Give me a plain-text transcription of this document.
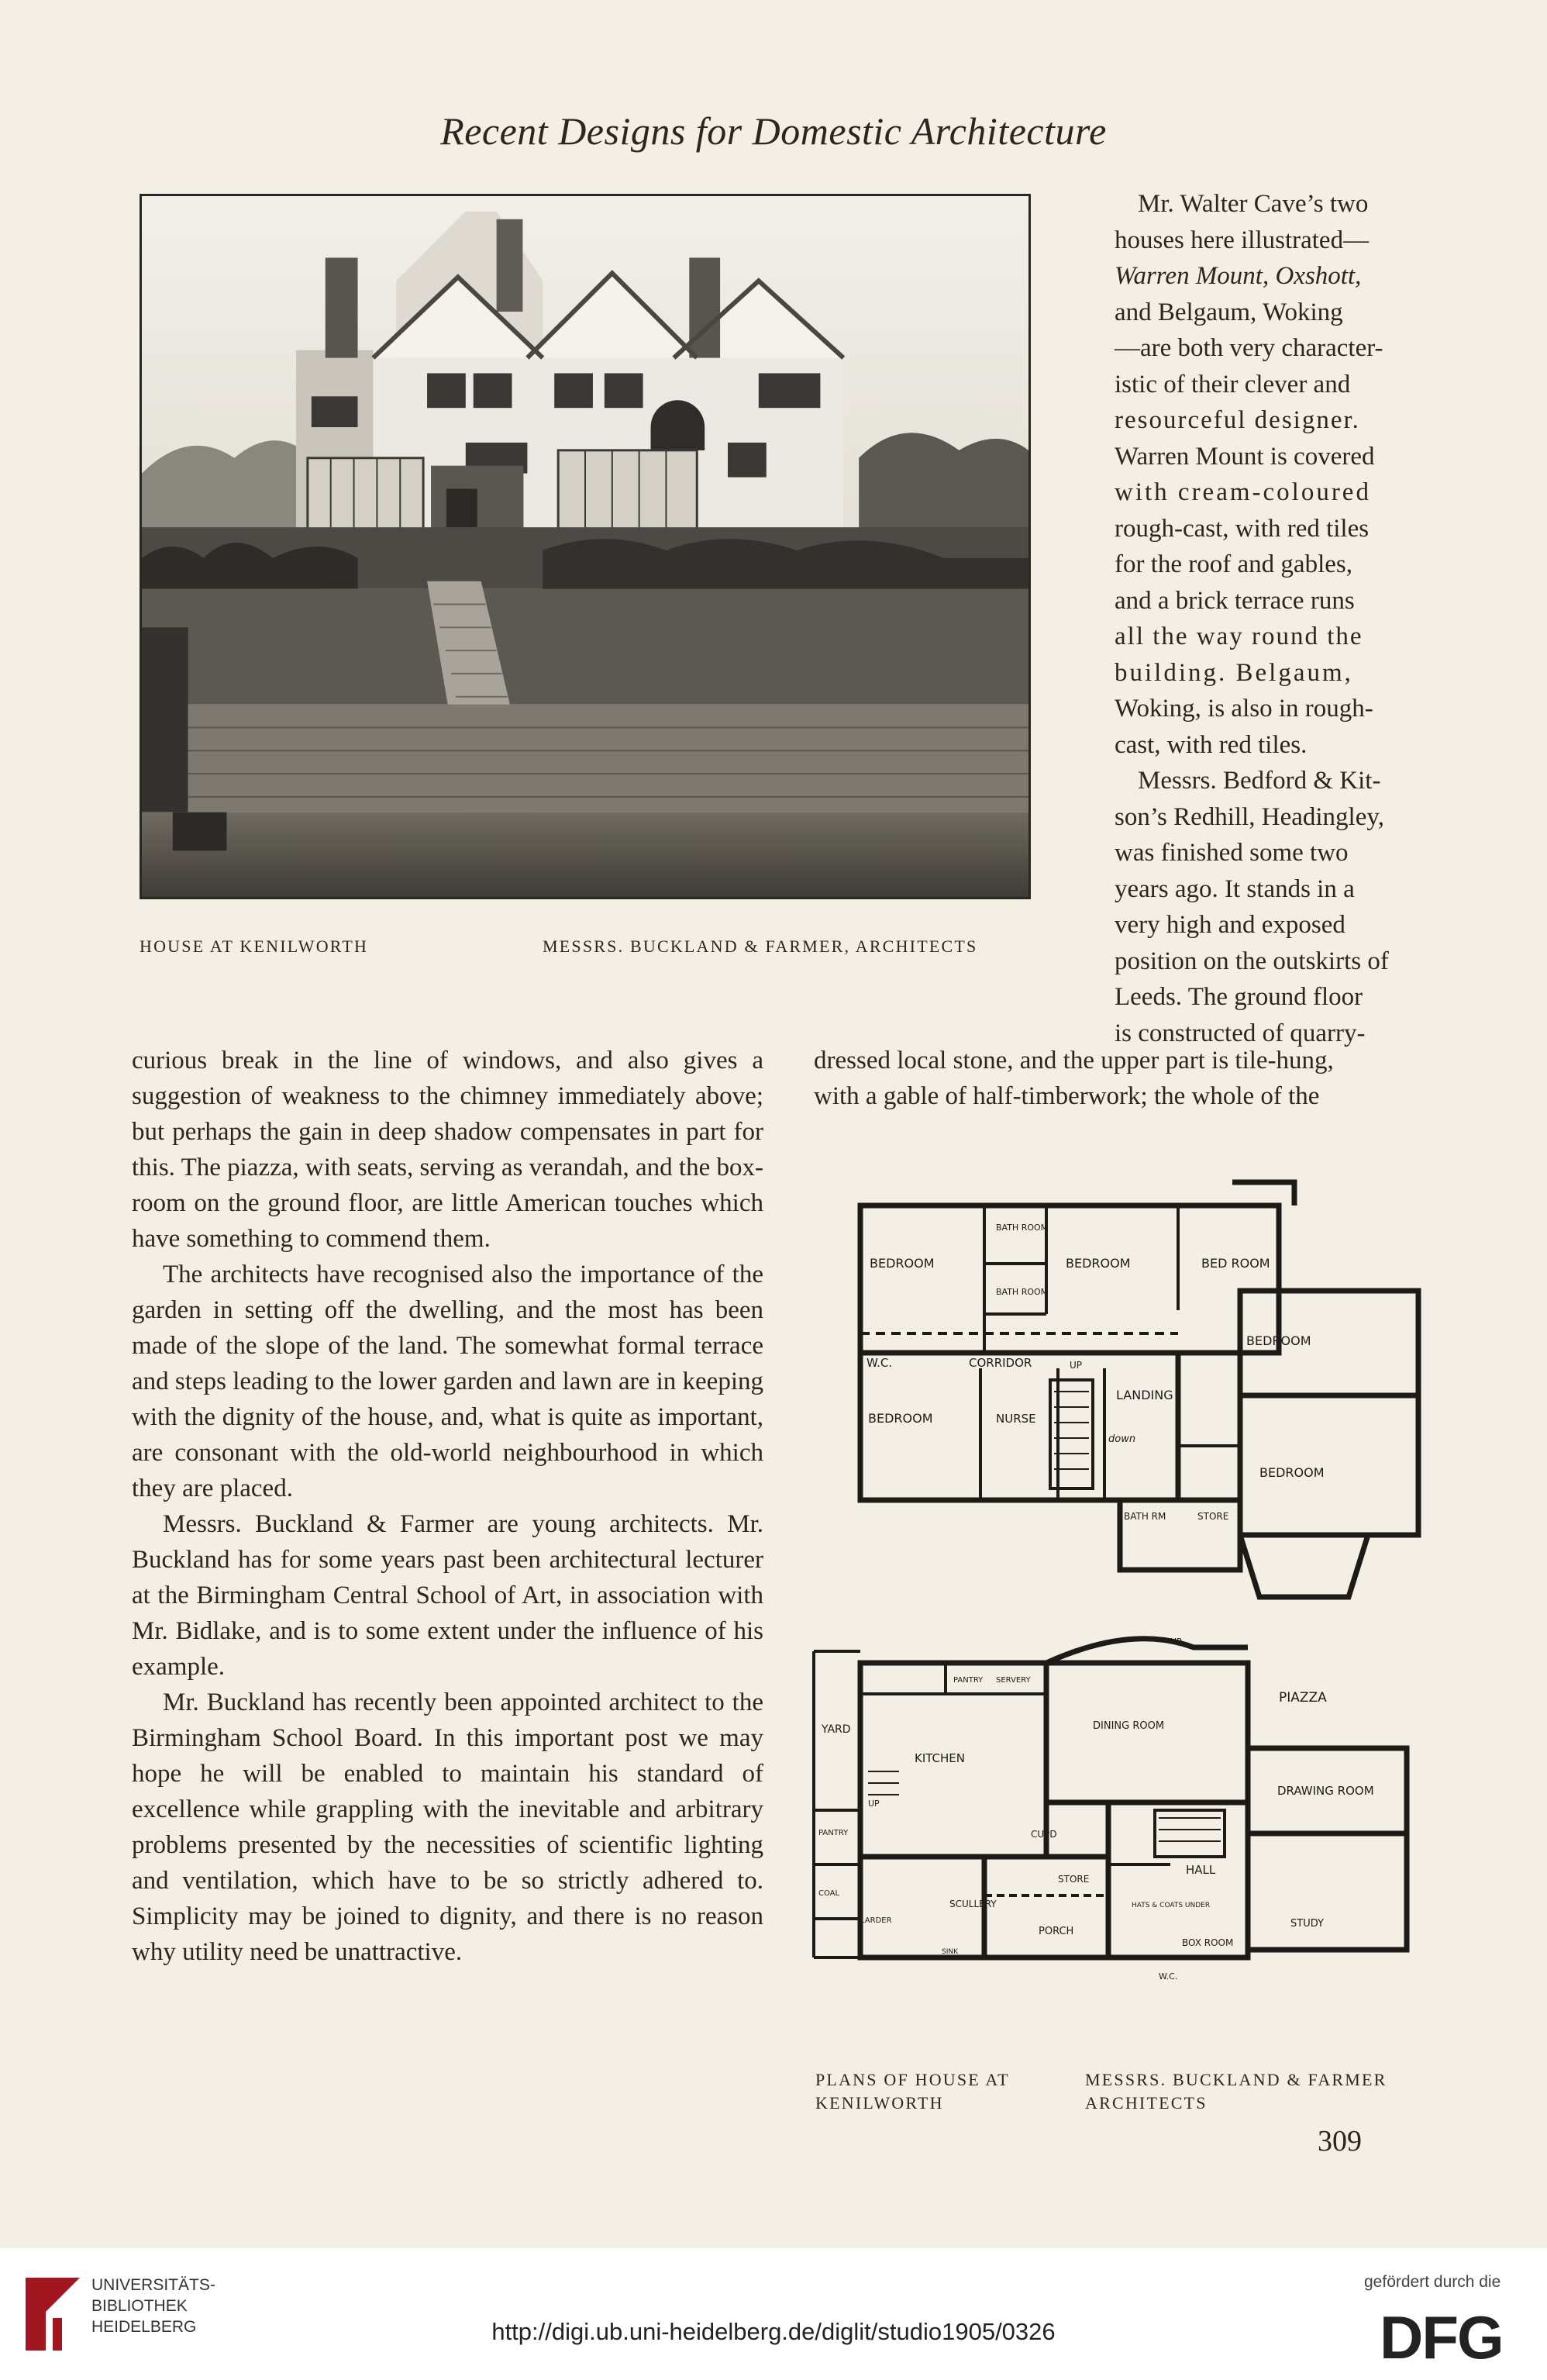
Recent Designs for Domestic Architecture
HOUSE AT KENILWORTH	MESSRS. BUCKLAND & FARMER, ARCHITECTS
Mr. Walter Cave’s two
houses here illustrated—
Warren Mount, Oxshott,
and Belgaum, Woking
—are both very character-
istic of their clever and
resourceful designer.
Warren Mount is covered
with cream-coloured
rough-cast, with red tiles
for the roof and gables,
and a brick terrace runs
all the way round the
building. Belgaum,
Woking, is also in rough-
cast, with red tiles.
Messrs. Bedford & Kit-
son’s Redhill, Headingley,
was finished some two
years ago. It stands in a
very high and exposed
position on the outskirts of
Leeds. The ground floor
is constructed of quarry-
dressed local stone, and the upper part is tile-hung,
with a gable of half-timberwork; the whole of the

curious break in the line of windows, and also gives a suggestion of weakness to the chimney immediately above; but perhaps the gain in deep shadow compensates in part for this. The piazza, with seats, serving as verandah, and the box-room on the ground floor, are little American touches which have something to commend them.

The architects have recognised also the importance of the garden in setting off the dwelling, and the most has been made of the slope of the land. The somewhat formal terrace and steps leading to the lower garden and lawn are in keeping with the dignity of the house, and, what is quite as important, are consonant with the old-world neighbourhood in which they are placed.

Messrs. Buckland & Farmer are young architects. Mr. Buckland has for some years past been architectural lecturer at the Birmingham Central School of Art, in association with Mr. Bidlake, and is to some extent under the influence of his example.

Mr. Buckland has recently been appointed architect to the Birmingham School Board. In this important post we may hope he will be enabled to maintain his standard of excellence while grappling with the inevitable and arbitrary problems presented by the necessities of scientific lighting and ventilation, which have to be so strictly adhered to. Simplicity may be joined to dignity, and there is no reason why utility need be unattractive.

BEDROOM
BATH ROOM
BEDROOM	BED ROOM
BATH ROOM
BEDROOM
W.C.	CORRIDOR	UP
LANDING
BEDROOM	NURSE
down
BEDROOM
BATH RM	STORE
UP
PANTRY SERVERY
PIAZZA
YARD	DINING ROOM
KITCHEN
DRAWING ROOM
UP
CUPD
PANTRY
HALL
STORE
SCULLERY	HATS & COATS UNDER
COAL
LARDER	STUDY
PORCH
SINK
BOX ROOM
W.C.
PLANS OF HOUSE AT
KENILWORTH
MESSRS. BUCKLAND & FARMER
ARCHITECTS
309
UNIVERSITÄTS-
BIBLIOTHEK
HEIDELBERG	http://digi.ub.uni-heidelberg.de/diglit/studio1905/0326
gefördert durch die
DFG
